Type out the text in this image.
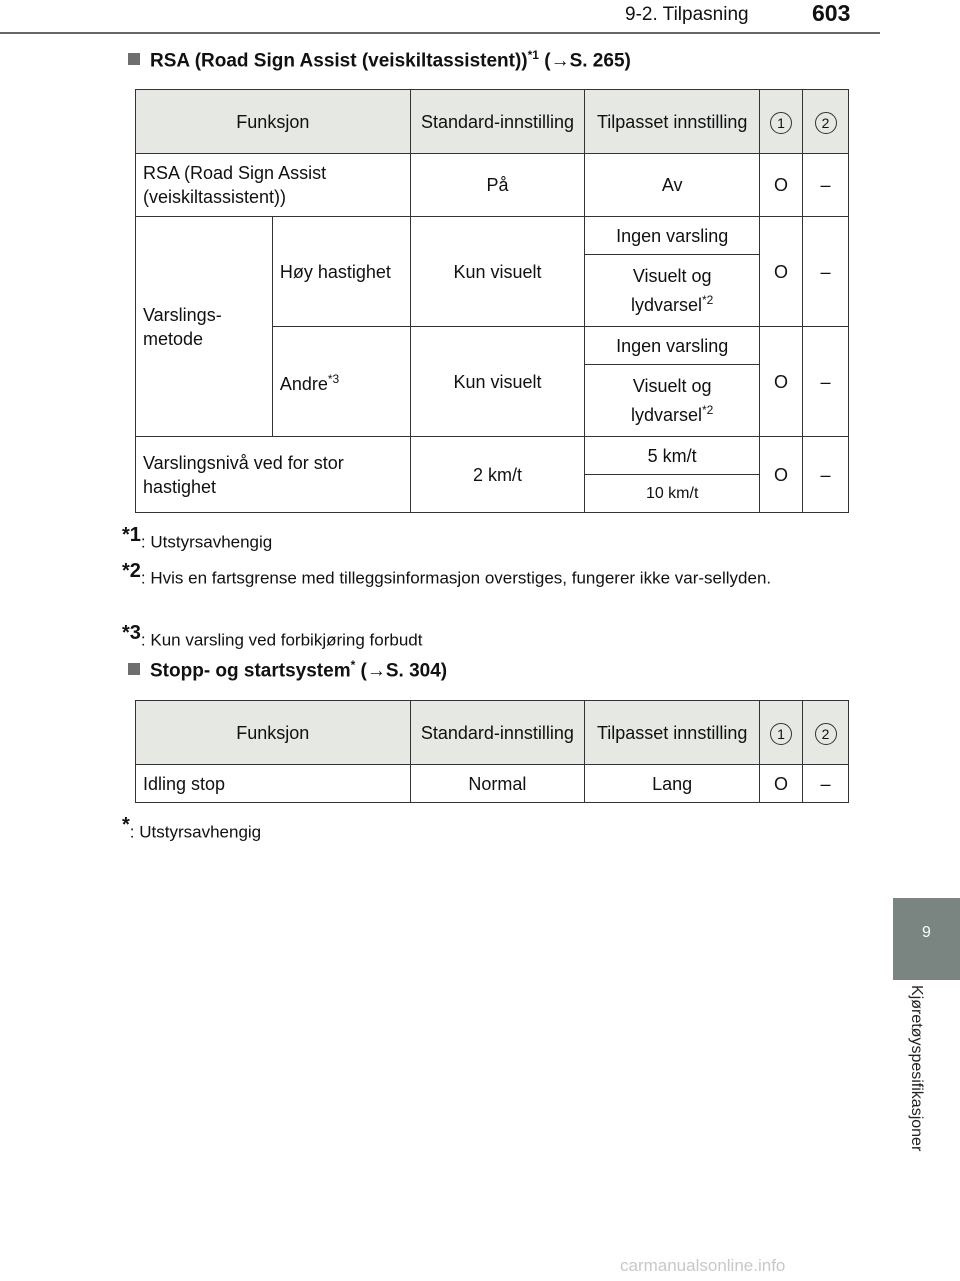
9-2. Tilpasning	603
9
Kjøretøyspesifikasjoner
RSA (Road Sign Assist (veiskiltassistent))$^{*1}$ (→S. 265)
Funksjon		Standard-innstilling	Tilpasset innstilling	1	2
RSA (Road Sign Assist (veiskiltassistent))		På	Av	O	–
Varslings-metode	Høy hastighet	Kun visuelt	Ingen varsling	O	–
			Visuelt og lydvarsel$^{*2}$
	Andre$^{*3}$	Kun visuelt	Ingen varsling	O	–
			Visuelt og lydvarsel$^{*2}$
Varslingsnivå ved for stor hastighet		2 km/t	5 km/t	O	–
			10 km/t		
$^{*1}$: Utstyrsavhengig
$^{*2}$: Hvis en fartsgrense med tilleggsinformasjon overstiges, fungerer ikke var-sellyden.
$^{*3}$: Kun varsling ved forbikjøring forbudt
Stopp- og startsystem* (→S. 304)
Funksjon	Standard-innstilling	Tilpasset innstilling	1	2
Idling stop	Normal	Lang	O	–
*: Utstyrsavhengig
carmanualsonline.info
